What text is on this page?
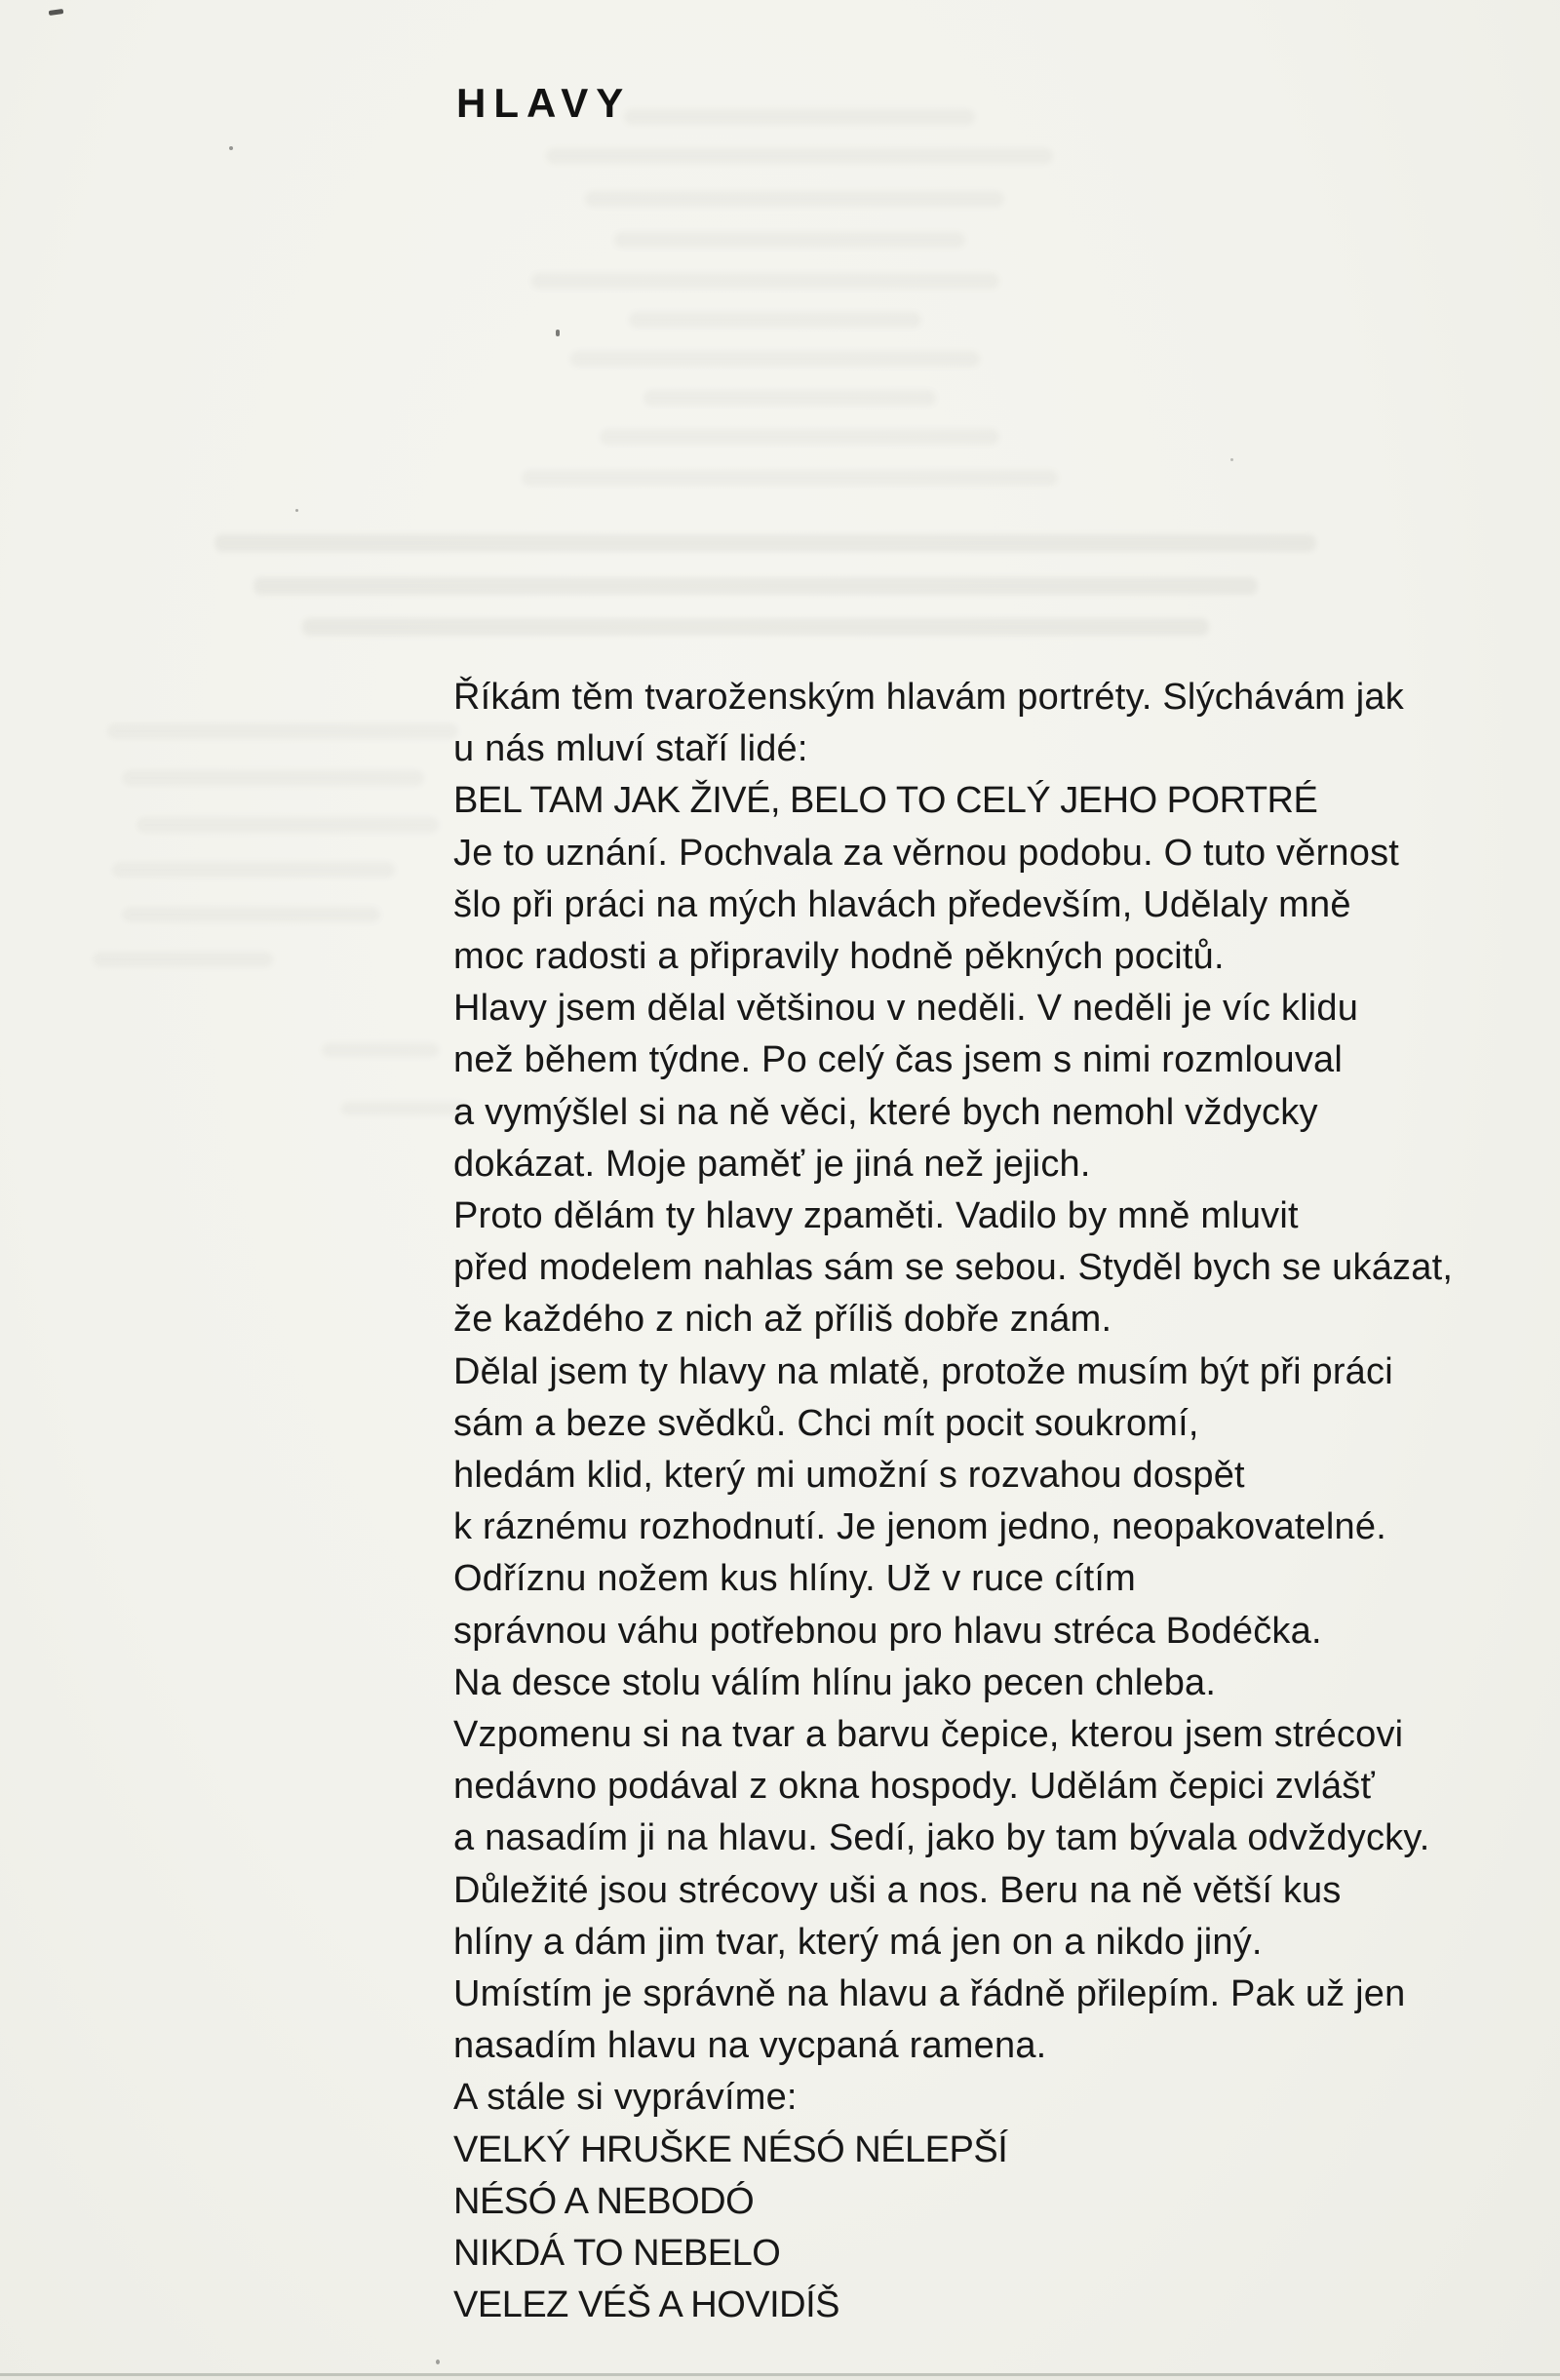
HLAVY
Říkám těm tvaroženským hlavám portréty. Slýchávám jak
u nás mluví staří lidé:
BEL TAM JAK ŽIVÉ, BELO TO CELÝ JEHO PORTRÉ
Je to uznání. Pochvala za věrnou podobu. O tuto věrnost
šlo při práci na mých hlavách především, Udělaly mně
moc radosti a připravily hodně pěkných pocitů.
Hlavy jsem dělal většinou v neděli. V neděli je víc klidu
než během týdne. Po celý čas jsem s nimi rozmlouval
a vymýšlel si na ně věci, které bych nemohl vždycky
dokázat. Moje paměť je jiná než jejich.
Proto dělám ty hlavy zpaměti. Vadilo by mně mluvit
před modelem nahlas sám se sebou. Styděl bych se ukázat,
že každého z nich až příliš dobře znám.
Dělal jsem ty hlavy na mlatě, protože musím být při práci
sám a beze svědků. Chci mít pocit soukromí,
hledám klid, který mi umožní s rozvahou dospět
k ráznému rozhodnutí. Je jenom jedno, neopakovatelné.
Odříznu nožem kus hlíny. Už v ruce cítím
správnou váhu potřebnou pro hlavu stréca Bodéčka.
Na desce stolu válím hlínu jako pecen chleba.
Vzpomenu si na tvar a barvu čepice, kterou jsem strécovi
nedávno podával z okna hospody. Udělám čepici zvlášť
a nasadím ji na hlavu. Sedí, jako by tam bývala odvždycky.
Důležité jsou strécovy uši a nos. Beru na ně větší kus
hlíny a dám jim tvar, který má jen on a nikdo jiný.
Umístím je správně na hlavu a řádně přilepím. Pak už jen
nasadím hlavu na vycpaná ramena.
A stále si vyprávíme:
VELKÝ HRUŠKE NÉSÓ NÉLEPŠÍ
NÉSÓ A NEBODÓ
NIKDÁ TO NEBELO
VELEZ VÉŠ A HOVIDÍŠ
